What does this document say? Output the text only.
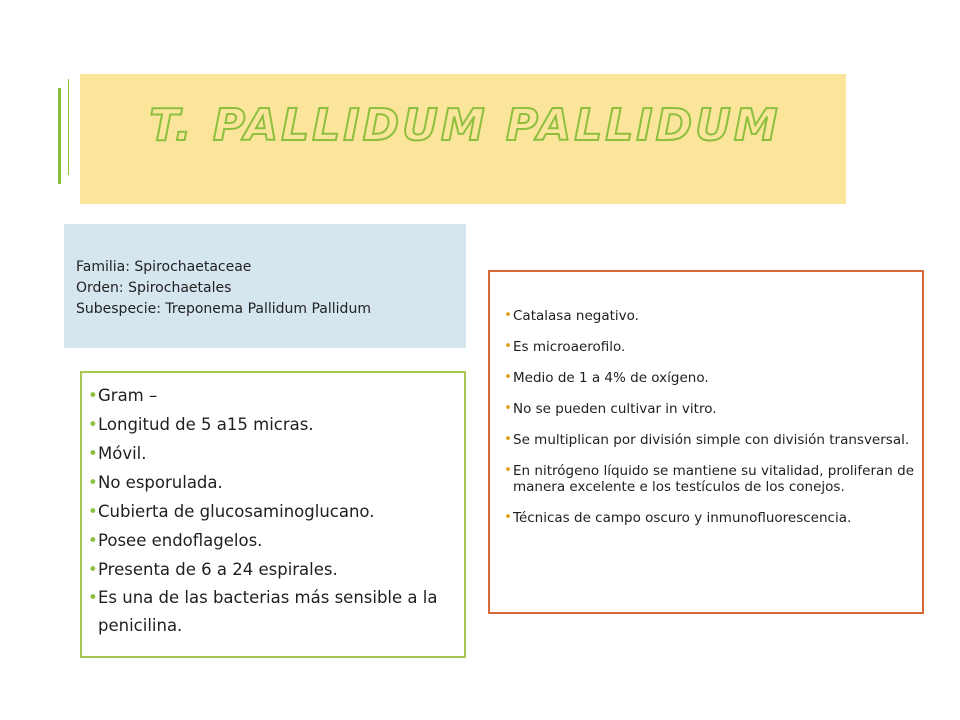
T. PALLIDUM PALLIDUM
Familia: Spirochaetaceae
Orden: Spirochaetales
Subespecie: Treponema Pallidum Pallidum
• Gram –
• Longitud de 5 a15 micras.
• Móvil.
• No esporulada.
• Cubierta de glucosaminoglucano.
• Posee endoflagelos.
• Presenta de 6 a 24 espirales.
• Es una de las bacterias más sensible a la penicilina.
• Catalasa negativo.
• Es microaerofilo.
• Medio de 1 a 4% de oxígeno.
• No se pueden cultivar in vitro.
• Se multiplican por división simple con división transversal.
• En nitrógeno líquido se mantiene su vitalidad, proliferan de manera excelente e los testículos de los conejos.
• Técnicas de campo oscuro y inmunofluorescencia.
